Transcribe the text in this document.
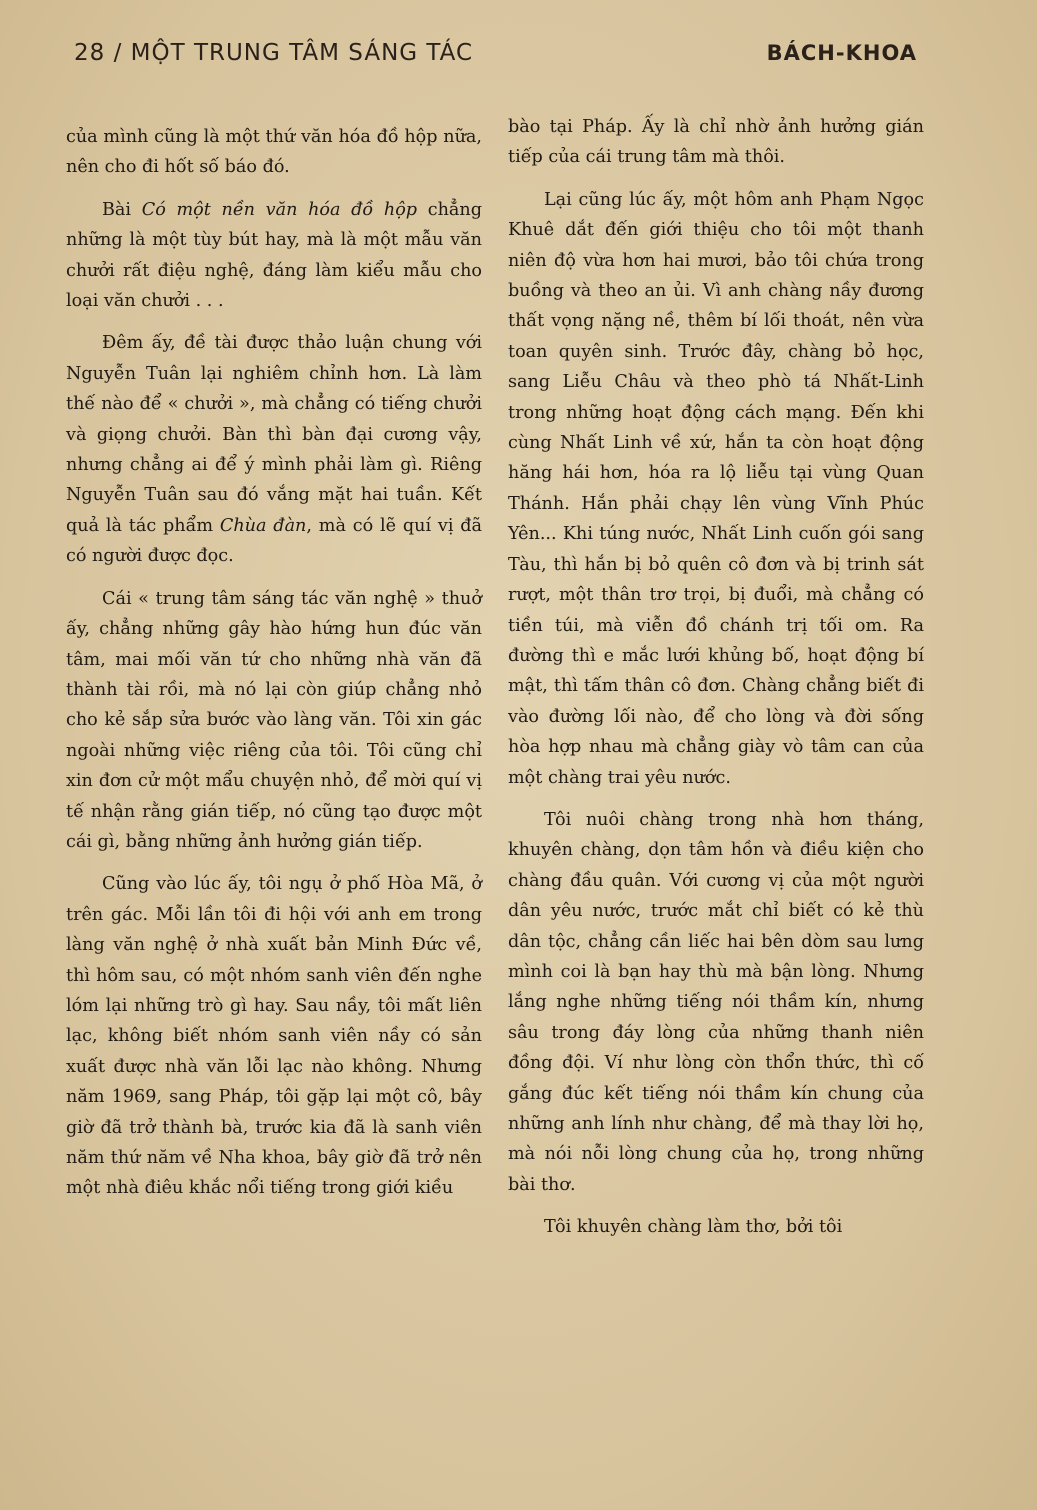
28 / MỘT TRUNG TÂM SÁNG TÁC	BÁCH-KHOA

của mình cũng là một thứ văn hóa đồ hộp nữa, nên cho đi hốt số báo đó.

Bài Có một nền văn hóa đồ hộp chẳng những là một tùy bút hay, mà là một mẫu văn chưởi rất điệu nghệ, đáng làm kiểu mẫu cho loại văn chưởi . . .

Đêm ấy, đề tài được thảo luận chung với Nguyễn Tuân lại nghiêm chỉnh hơn. Là làm thế nào để « chưởi », mà chẳng có tiếng chưởi và giọng chưởi. Bàn thì bàn đại cương vậy, nhưng chẳng ai để ý mình phải làm gì. Riêng Nguyễn Tuân sau đó vắng mặt hai tuần. Kết quả là tác phẩm Chùa đàn, mà có lẽ quí vị đã có người được đọc.

Cái « trung tâm sáng tác văn nghệ » thuở ấy, chẳng những gây hào hứng hun đúc văn tâm, mai mối văn tứ cho những nhà văn đã thành tài rồi, mà nó lại còn giúp chẳng nhỏ cho kẻ sắp sửa bước vào làng văn. Tôi xin gác ngoài những việc riêng của tôi. Tôi cũng chỉ xin đơn cử một mẩu chuyện nhỏ, để mời quí vị tế nhận rằng gián tiếp, nó cũng tạo được một cái gì, bằng những ảnh hưởng gián tiếp.

Cũng vào lúc ấy, tôi ngụ ở phố Hòa Mã, ở trên gác. Mỗi lần tôi đi hội với anh em trong làng văn nghệ ở nhà xuất bản Minh Đức về, thì hôm sau, có một nhóm sanh viên đến nghe lóm lại những trò gì hay. Sau nầy, tôi mất liên lạc, không biết nhóm sanh viên nầy có sản xuất được nhà văn lỗi lạc nào không. Nhưng năm 1969, sang Pháp, tôi gặp lại một cô, bây giờ đã trở thành bà, trước kia đã là sanh viên năm thứ năm về Nha khoa, bây giờ đã trở nên một nhà điêu khắc nổi tiếng trong giới kiều

bào tại Pháp. Ấy là chỉ nhờ ảnh hưởng gián tiếp của cái trung tâm mà thôi.

Lại cũng lúc ấy, một hôm anh Phạm Ngọc Khuê dắt đến giới thiệu cho tôi một thanh niên độ vừa hơn hai mươi, bảo tôi chứa trong buồng và theo an ủi. Vì anh chàng nầy đương thất vọng nặng nề, thêm bí lối thoát, nên vừa toan quyên sinh. Trước đây, chàng bỏ học, sang Liễu Châu và theo phò tá Nhất-Linh trong những hoạt động cách mạng. Đến khi cùng Nhất Linh về xứ, hắn ta còn hoạt động hăng hái hơn, hóa ra lộ liễu tại vùng Quan Thánh. Hắn phải chạy lên vùng Vĩnh Phúc Yên... Khi túng nước, Nhất Linh cuốn gói sang Tàu, thì hắn bị bỏ quên cô đơn và bị trinh sát rượt, một thân trơ trọi, bị đuổi, mà chẳng có tiền túi, mà viễn đồ chánh trị tối om. Ra đường thì e mắc lưới khủng bố, hoạt động bí mật, thì tấm thân cô đơn. Chàng chẳng biết đi vào đường lối nào, để cho lòng và đời sống hòa hợp nhau mà chẳng giày vò tâm can của một chàng trai yêu nước.

Tôi nuôi chàng trong nhà hơn tháng, khuyên chàng, dọn tâm hồn và điều kiện cho chàng đầu quân. Với cương vị của một người dân yêu nước, trước mắt chỉ biết có kẻ thù dân tộc, chẳng cần liếc hai bên dòm sau lưng mình coi là bạn hay thù mà bận lòng. Nhưng lắng nghe những tiếng nói thầm kín, nhưng sâu trong đáy lòng của những thanh niên đồng đội. Ví như lòng còn thổn thức, thì cố gắng đúc kết tiếng nói thầm kín chung của những anh lính như chàng, để mà thay lời họ, mà nói nỗi lòng chung của họ, trong những bài thơ.

Tôi khuyên chàng làm thơ, bởi tôi
